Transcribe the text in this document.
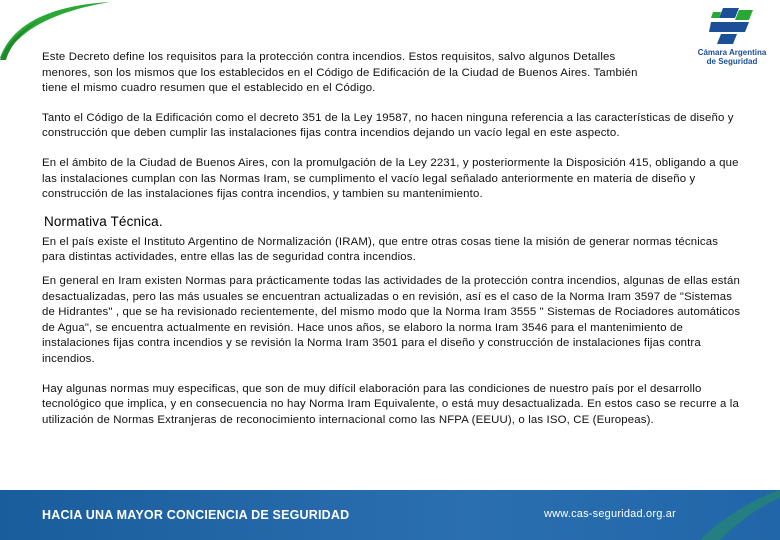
Cámara Argentina
de Seguridad

Este Decreto define los requisitos para la protección contra incendios. Estos requisitos, salvo algunos Detalles menores, son los mismos que los establecidos en el Código de Edificación de la Ciudad de Buenos Aires. También tiene el mismo cuadro resumen que el establecido en el Código.

Tanto el Código de la Edificación como el decreto 351 de la Ley 19587, no hacen ninguna referencia a las características de diseño y construcción que deben cumplir las instalaciones fijas contra incendios dejando un vacío legal en este aspecto.

En el ámbito de la Ciudad de Buenos Aires, con la promulgación de la Ley 2231, y posteriormente la Disposición 415, obligando a que las instalaciones cumplan con las Normas Iram, se cumplimento el vacío legal señalado anteriormente en materia de diseño y construcción de las instalaciones fijas contra incendios, y tambien su mantenimiento.

Normativa Técnica.

En el país existe el Instituto Argentino de Normalización (IRAM), que entre otras cosas tiene la misión de generar normas técnicas para distintas actividades, entre ellas las de seguridad contra incendios.

En general en Iram existen Normas para prácticamente todas las actividades de la protección contra incendios, algunas de ellas están desactualizadas, pero las más usuales se encuentran actualizadas o en revisión, así es el caso de la Norma Iram 3597 de "Sistemas de Hidrantes" , que se ha revisionado recientemente, del mismo modo que la Norma Iram 3555 " Sistemas de Rociadores automáticos de Agua", se encuentra actualmente en revisión. Hace unos años, se elaboro la norma Iram 3546 para el mantenimiento de instalaciones fijas contra incendios y se revisión la Norma Iram 3501 para el diseño y construcción de instalaciones fijas contra incendios.

Hay algunas normas muy especificas, que son de muy difícil elaboración para las condiciones de nuestro país por el desarrollo tecnológico que implica, y en consecuencia no hay Norma Iram Equivalente, o está muy desactualizada. En estos caso se recurre a la utilización de Normas Extranjeras de reconocimiento internacional como las NFPA (EEUU), o las ISO, CE (Europeas).

HACIA UNA MAYOR CONCIENCIA DE SEGURIDAD	www.cas-seguridad.org.ar
